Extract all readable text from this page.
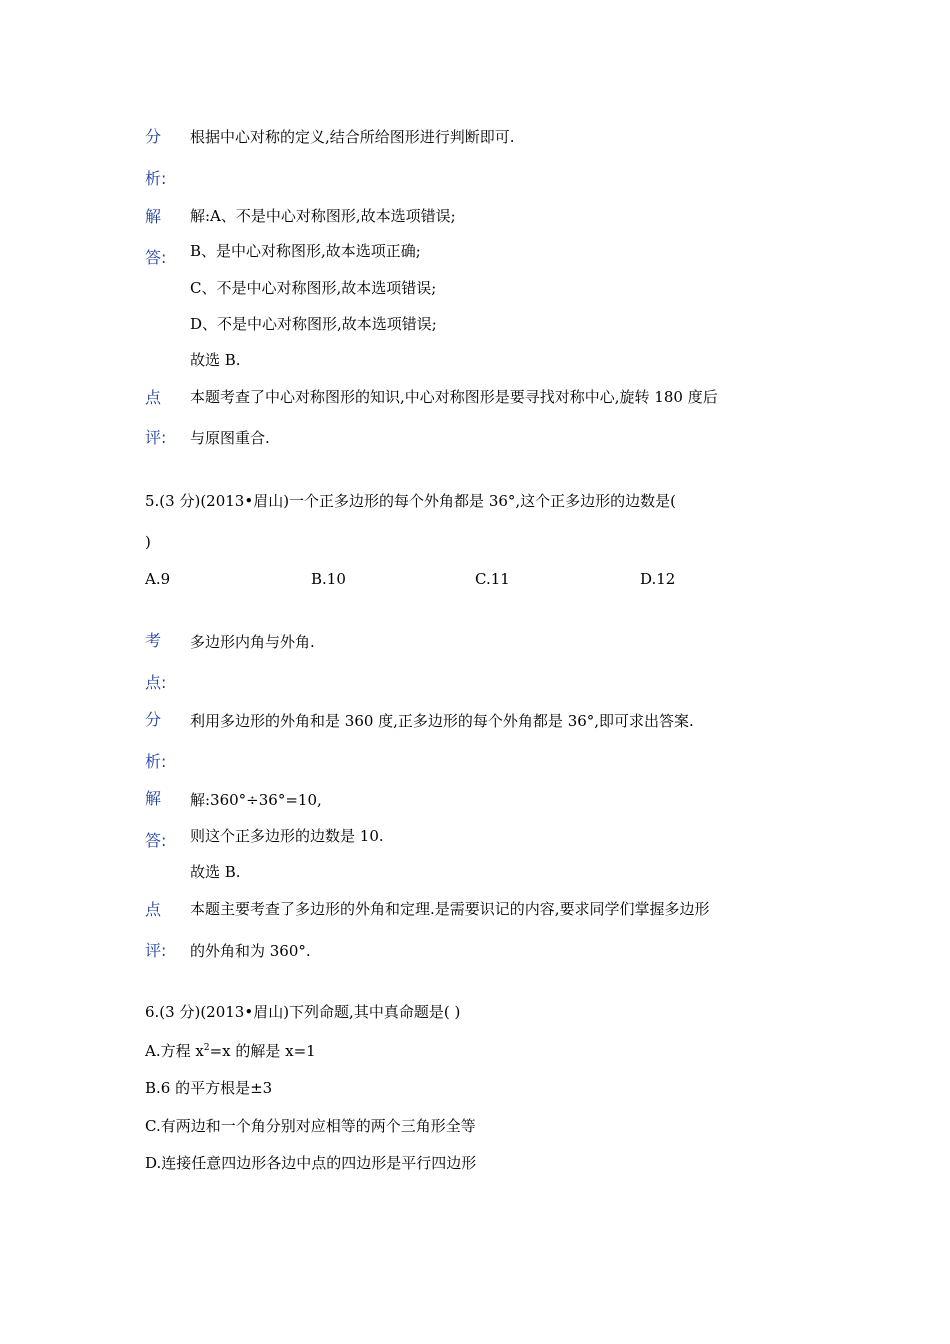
分 根据中心对称的定义,结合所给图形进行判断即可.
析:
解 解:A、不是中心对称图形,故本选项错误;
答: B、是中心对称图形,故本选项正确;
C、不是中心对称图形,故本选项错误;
D、不是中心对称图形,故本选项错误;
故选 B.
点 本题考查了中心对称图形的知识,中心对称图形是要寻找对称中心,旋转 180 度后
评: 与原图重合.
5.(3 分)(2013•眉山)一个正多边形的每个外角都是 36°,这个正多边形的边数是(
)
A.9	B.10	C.11	D.12
考 多边形内角与外角.
点:
分 利用多边形的外角和是 360 度,正多边形的每个外角都是 36°,即可求出答案.
析:
解 解:360°÷36°=10,
答: 则这个正多边形的边数是 10.
故选 B.
点 本题主要考查了多边形的外角和定理.是需要识记的内容,要求同学们掌握多边形
评: 的外角和为 360°.
6.(3 分)(2013•眉山)下列命题,其中真命题是( )
A.方程 $x^2=x$ 的解是 x=1
B.6 的平方根是±3
C.有两边和一个角分别对应相等的两个三角形全等
D.连接任意四边形各边中点的四边形是平行四边形
